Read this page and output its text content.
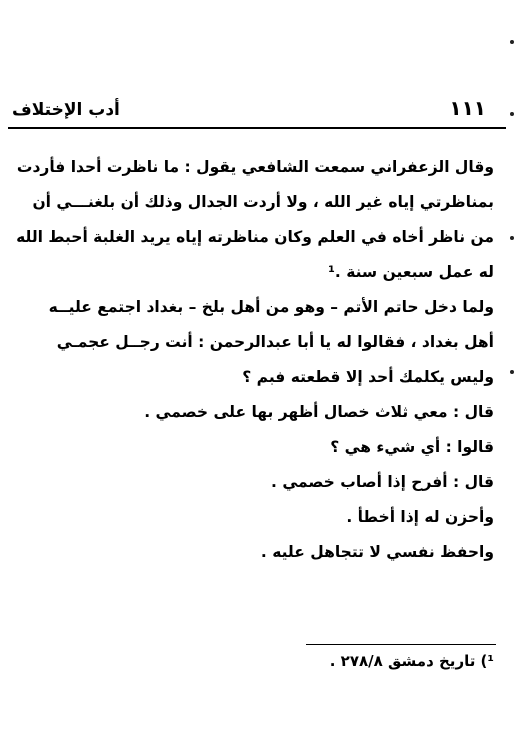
أدب الإختلاف	١١١
وقال الزعفراني سمعت الشافعي يقول : ما ناظرت أحدا فأردت
بمناظرتي إياه غير الله ، ولا أردت الجدال وذلك أن بلغنـــي أن
من ناظر أخاه في العلم وكان مناظرته إياه يريد الغلبة أحبط الله
له عمل سبعين سنة .¹
ولما دخل حاتم الأتم – وهو من أهل بلخ – بغداد اجتمع عليــه
أهل بغداد ، فقالوا له يا أبا عبدالرحمن : أنت رجــل عجمـي
وليس يكلمك أحد إلا قطعته فبم ؟
قال : معي ثلاث خصال أظهر بها على خصمي .
قالوا : أي شيء هي ؟
قال : أفرح إذا أصاب خصمي .
وأحزن له إذا أخطأ .
واحفظ نفسي لا تتجاهل عليه .
¹) تاريخ دمشق ٢٧٨/٨ .
